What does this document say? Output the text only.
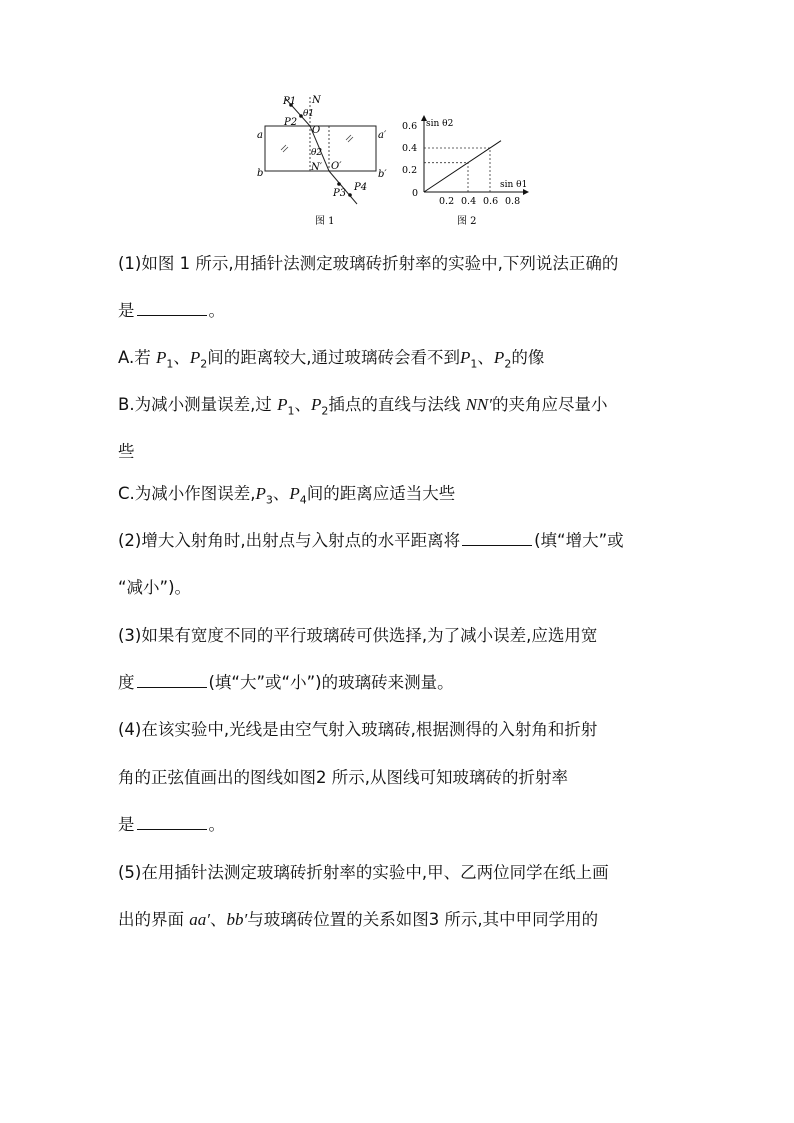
P1
P2
N
θ1
O
θ2
O′
N′
a	a′
b	b′
P3
P4
图 1
sin θ2
sin θ1
0
0.2 0.4 0.6 0.8
0.6
0.4
0.2
图 2
(1)如图 1 所示,用插针法测定玻璃砖折射率的实验中,下列说法正确的
是	。
A.若 $P_1$、$P_2$间的距离较大,通过玻璃砖会看不到$P_1$、$P_2$的像
B.为减小测量误差,过 $P_1$、$P_2$插点的直线与法线 NN′的夹角应尽量小
些
C.为减小作图误差$,P_3$、$P_4$间的距离应适当大些
(2)增大入射角时,出射点与入射点的水平距离将	(填“增大”或
“减小”)。
(3)如果有宽度不同的平行玻璃砖可供选择,为了减小误差,应选用宽
度	(填“大”或“小”)的玻璃砖来测量。
(4)在该实验中,光线是由空气射入玻璃砖,根据测得的入射角和折射
角的正弦值画出的图线如图2 所示,从图线可知玻璃砖的折射率
是	。
(5)在用插针法测定玻璃砖折射率的实验中,甲、乙两位同学在纸上画
出的界面 aa′、bb′与玻璃砖位置的关系如图3 所示,其中甲同学用的
